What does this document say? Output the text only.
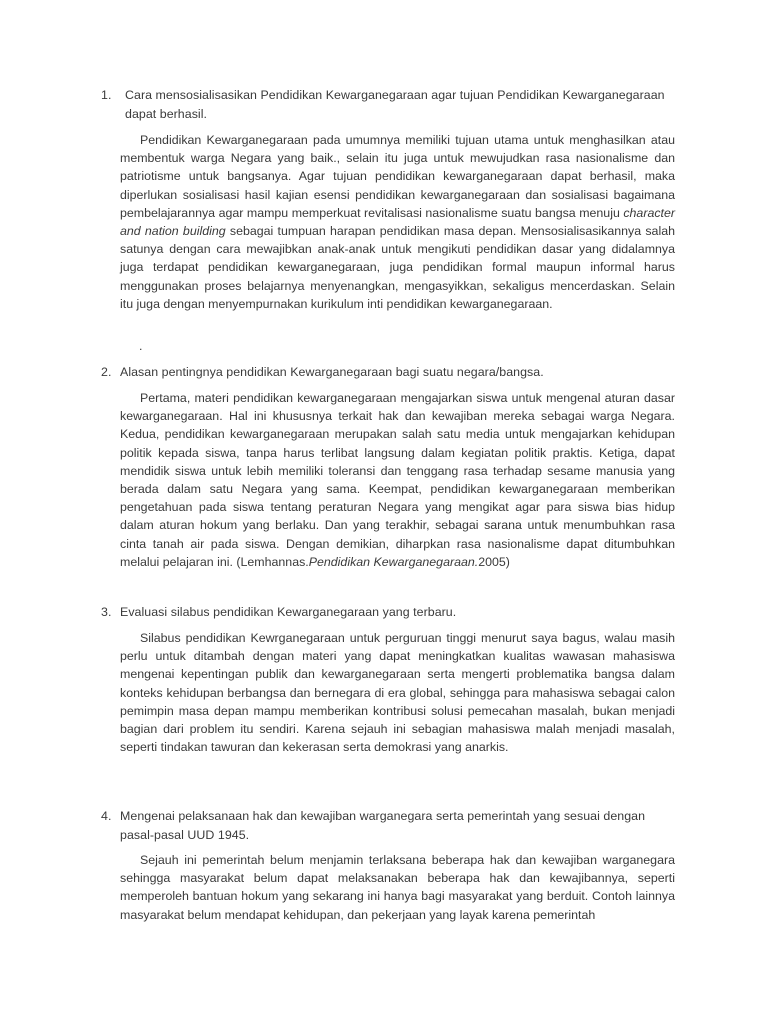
1. Cara mensosialisasikan Pendidikan Kewarganegaraan agar tujuan Pendidikan Kewarganegaraan dapat berhasil.
Pendidikan Kewarganegaraan pada umumnya memiliki tujuan utama untuk menghasilkan atau membentuk warga Negara yang baik., selain itu juga untuk mewujudkan rasa nasionalisme dan patriotisme untuk bangsanya. Agar tujuan pendidikan kewarganegaraan dapat berhasil, maka diperlukan sosialisasi hasil kajian esensi pendidikan kewarganegaraan dan sosialisasi bagaimana pembelajarannya agar mampu memperkuat revitalisasi nasionalisme suatu bangsa menuju character and nation building sebagai tumpuan harapan pendidikan masa depan. Mensosialisasikannya salah satunya dengan cara mewajibkan anak-anak untuk mengikuti pendidikan dasar yang didalamnya juga terdapat pendidikan kewarganegaraan, juga pendidikan formal maupun informal harus menggunakan proses belajarnya menyenangkan, mengasyikkan, sekaligus mencerdaskan. Selain itu juga dengan menyempurnakan kurikulum inti pendidikan kewarganegaraan.
.
2. Alasan pentingnya pendidikan Kewarganegaraan bagi suatu negara/bangsa.
Pertama, materi pendidikan kewarganegaraan mengajarkan siswa untuk mengenal aturan dasar kewarganegaraan. Hal ini khususnya terkait hak dan kewajiban mereka sebagai warga Negara. Kedua, pendidikan kewarganegaraan merupakan salah satu media untuk mengajarkan kehidupan politik kepada siswa, tanpa harus terlibat langsung dalam kegiatan politik praktis. Ketiga, dapat mendidik siswa untuk lebih memiliki toleransi dan tenggang rasa terhadap sesame manusia yang berada dalam satu Negara yang sama. Keempat, pendidikan kewarganegaraan memberikan pengetahuan pada siswa tentang peraturan Negara yang mengikat agar para siswa bias hidup dalam aturan hokum yang berlaku. Dan yang terakhir, sebagai sarana untuk menumbuhkan rasa cinta tanah air pada siswa. Dengan demikian, diharpkan rasa nasionalisme dapat ditumbuhkan melalui pelajaran ini. (Lemhannas.Pendidikan Kewarganegaraan.2005)
3. Evaluasi silabus pendidikan Kewarganegaraan yang terbaru.
Silabus pendidikan Kewrganegaraan untuk perguruan tinggi menurut saya bagus, walau masih perlu untuk ditambah dengan materi yang dapat meningkatkan kualitas wawasan mahasiswa mengenai kepentingan publik dan kewarganegaraan serta mengerti problematika bangsa dalam konteks kehidupan berbangsa dan bernegara di era global, sehingga para mahasiswa sebagai calon pemimpin masa depan mampu memberikan kontribusi solusi pemecahan masalah, bukan menjadi bagian dari problem itu sendiri. Karena sejauh ini sebagian mahasiswa malah menjadi masalah, seperti tindakan tawuran dan kekerasan serta demokrasi yang anarkis.
4. Mengenai pelaksanaan hak dan kewajiban warganegara serta pemerintah yang sesuai dengan pasal-pasal UUD 1945.
Sejauh ini pemerintah belum menjamin terlaksana beberapa hak dan kewajiban warganegara sehingga masyarakat belum dapat melaksanakan beberapa hak dan kewajibannya, seperti memperoleh bantuan hokum yang sekarang ini hanya bagi masyarakat yang berduit. Contoh lainnya masyarakat belum mendapat kehidupan, dan pekerjaan yang layak karena pemerintah
